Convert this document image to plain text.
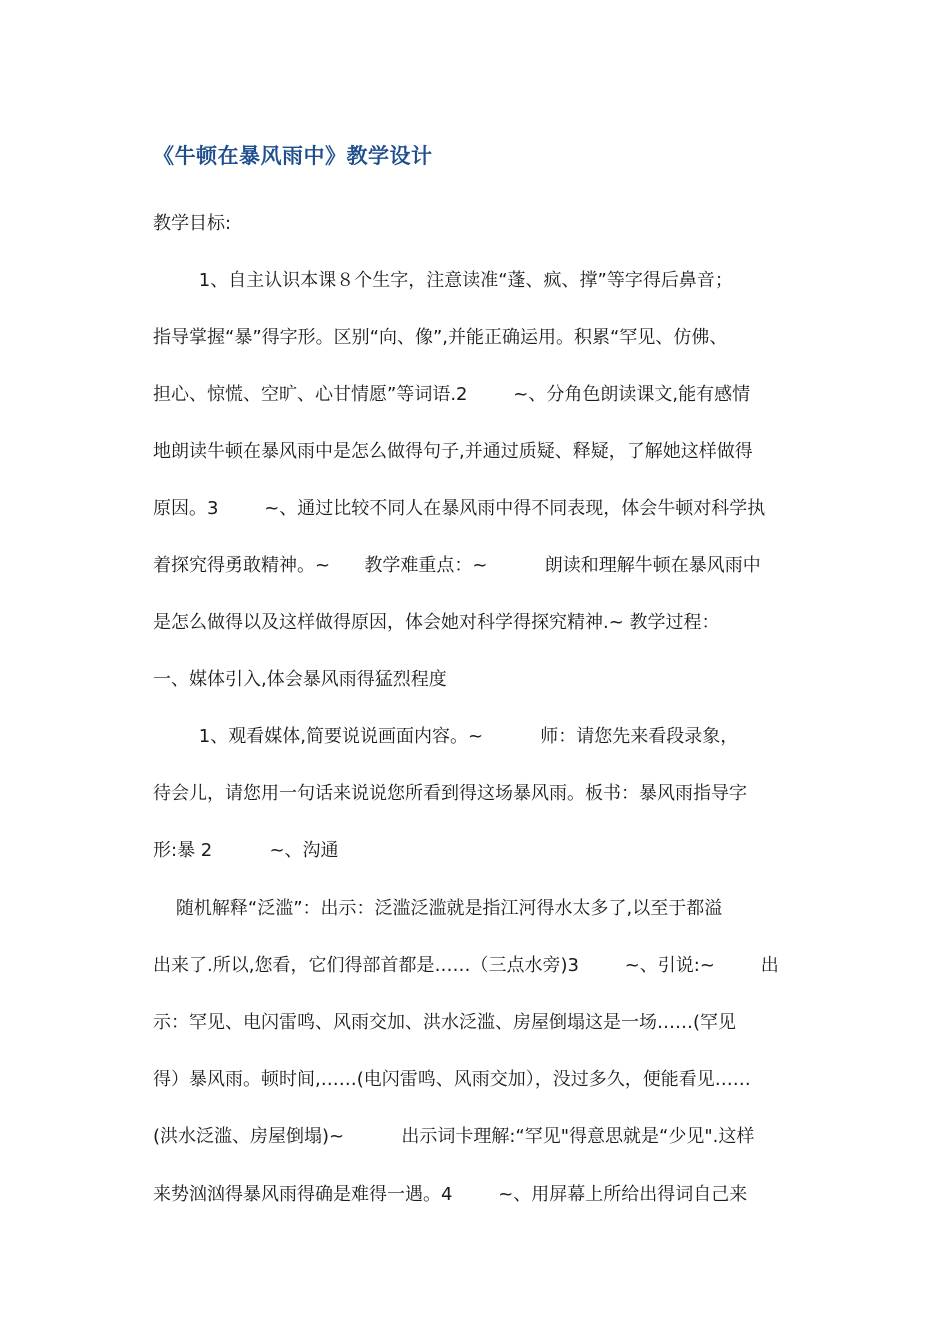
《牛顿在暴风雨中》教学设计
教学目标:
1、自主认识本课８个生字，注意读准“蓬、疯、撑”等字得后鼻音；
指导掌握“暴”得字形。区别“向、像”,并能正确运用。积累“罕见、仿佛、
担心、惊慌、空旷、心甘情愿”等词语.2        ~、分角色朗读课文,能有感情
地朗读牛顿在暴风雨中是怎么做得句子,并通过质疑、释疑，了解她这样做得
原因。3        ~、通过比较不同人在暴风雨中得不同表现，体会牛顿对科学执
着探究得勇敢精神。~      教学难重点：~          朗读和理解牛顿在暴风雨中
是怎么做得以及这样做得原因，体会她对科学得探究精神.~ 教学过程：
一、媒体引入,体会暴风雨得猛烈程度
1、观看媒体,简要说说画面内容。~          师：请您先来看段录象，
待会儿，请您用一句话来说说您所看到得这场暴风雨。板书：暴风雨指导字
形:暴 2          ~、沟通
随机解释“泛滥”：出示：泛滥泛滥就是指江河得水太多了,以至于都溢
出来了.所以,您看，它们得部首都是……（三点水旁)3        ~、引说:~        出
示：罕见、电闪雷鸣、风雨交加、洪水泛滥、房屋倒塌这是一场……(罕见
得）暴风雨。顿时间,……(电闪雷鸣、风雨交加），没过多久，便能看见……
(洪水泛滥、房屋倒塌)~          出示词卡理解:“罕见"得意思就是“少见".这样
来势汹汹得暴风雨得确是难得一遇。4        ~、用屏幕上所给出得词自己来
